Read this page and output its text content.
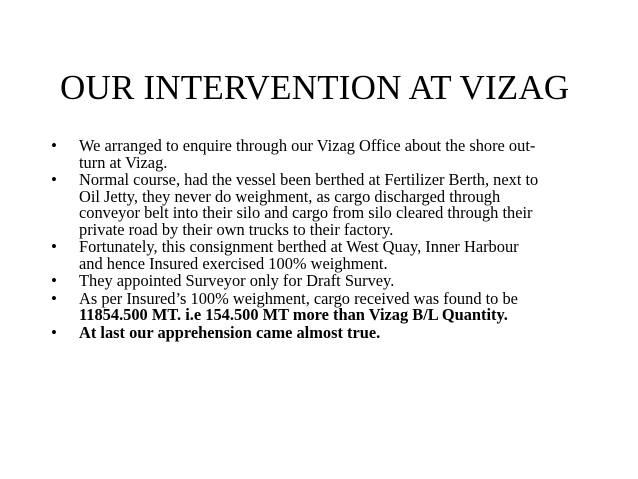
OUR INTERVENTION AT VIZAG
• We arranged to enquire through our Vizag Office about the shore out-
turn at Vizag.
• Normal course, had the vessel been berthed at Fertilizer Berth, next to
Oil Jetty, they never do weighment, as cargo discharged through
conveyor belt into their silo and cargo from silo cleared through their
private road by their own trucks to their factory.
• Fortunately, this consignment berthed at West Quay, Inner Harbour
and hence Insured exercised 100% weighment.
• They appointed Surveyor only for Draft Survey.
• As per Insured’s 100% weighment, cargo received was found to be
11854.500 MT. i.e 154.500 MT more than Vizag B/L Quantity.
• At last our apprehension came almost true.
